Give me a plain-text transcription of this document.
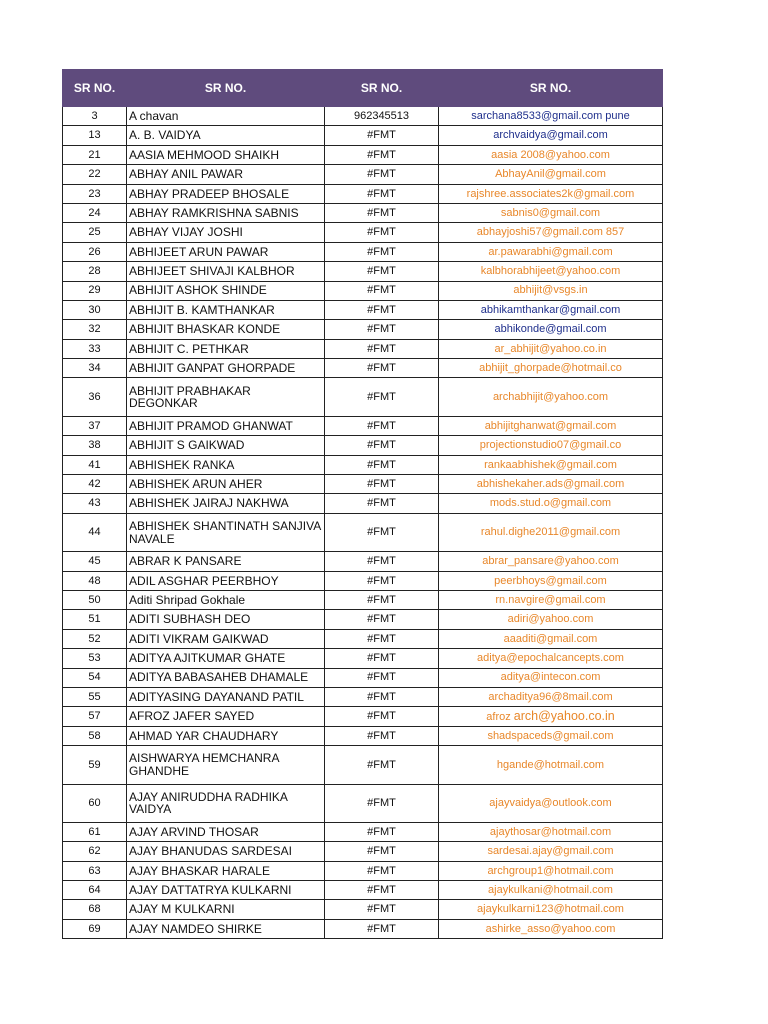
SR NO.	SR NO.	SR NO.	SR NO.
3	A chavan	962345513	sarchana8533@gmail.com pune
13	A. B. VAIDYA	#FMT	archvaidya@gmail.com
21	AASIA MEHMOOD SHAIKH	#FMT	aasia 2008@yahoo.com
22	ABHAY ANIL PAWAR	#FMT	AbhayAnil@gmail.com
23	ABHAY PRADEEP BHOSALE	#FMT	rajshree.associates2k@gmail.com
24	ABHAY RAMKRISHNA SABNIS	#FMT	sabnis0@gmail.com
25	ABHAY VIJAY JOSHI	#FMT	abhayjoshi57@gmail.com 857
26	ABHIJEET ARUN PAWAR	#FMT	ar.pawarabhi@gmail.com
28	ABHIJEET SHIVAJI KALBHOR	#FMT	kalbhorabhijeet@yahoo.com
29	ABHIJIT ASHOK SHINDE	#FMT	abhijit@vsgs.in
30	ABHIJIT B. KAMTHANKAR	#FMT	abhikamthankar@gmail.com
32	ABHIJIT BHASKAR KONDE	#FMT	abhikonde@gmail.com
33	ABHIJIT C. PETHKAR	#FMT	ar_abhijit@yahoo.co.in
34	ABHIJIT GANPAT GHORPADE	#FMT	abhijit_ghorpade@hotmail.co
36	ABHIJIT PRABHAKAR DEGONKAR	#FMT	archabhijit@yahoo.com
37	ABHIJIT PRAMOD GHANWAT	#FMT	abhijitghanwat@gmail.com
38	ABHIJIT S GAIKWAD	#FMT	projectionstudio07@gmail.co
41	ABHISHEK RANKA	#FMT	rankaabhishek@gmail.com
42	ABHISHEK ARUN AHER	#FMT	abhishekaher.ads@gmail.com
43	ABHISHEK JAIRAJ NAKHWA	#FMT	mods.stud.o@gmail.com
44	ABHISHEK SHANTINATH SANJIVA NAVALE	#FMT	rahul.dighe2011@gmail.com
45	ABRAR K PANSARE	#FMT	abrar_pansare@yahoo.com
48	ADIL ASGHAR PEERBHOY	#FMT	peerbhoys@gmail.com
50	Aditi Shripad Gokhale	#FMT	rn.navgire@gmail.com
51	ADITI SUBHASH DEO	#FMT	adiri@yahoo.com
52	ADITI VIKRAM GAIKWAD	#FMT	aaaditi@gmail.com
53	ADITYA AJITKUMAR GHATE	#FMT	aditya@epochalcancepts.com
54	ADITYA BABASAHEB DHAMALE	#FMT	aditya@intecon.com
55	ADITYASING DAYANAND PATIL	#FMT	archaditya96@8mail.com
57	AFROZ JAFER SAYED	#FMT	afroz arch@yahoo.co.in
58	AHMAD YAR CHAUDHARY	#FMT	shadspaceds@gmail.com
59	AISHWARYA HEMCHANRA GHANDHE	#FMT	hgande@hotmail.com
60	AJAY ANIRUDDHA RADHIKA VAIDYA	#FMT	ajayvaidya@outlook.com
61	AJAY ARVIND THOSAR	#FMT	ajaythosar@hotmail.com
62	AJAY BHANUDAS SARDESAI	#FMT	sardesai.ajay@gmail.com
63	AJAY BHASKAR HARALE	#FMT	archgroup1@hotmail.com
64	AJAY DATTATRYA KULKARNI	#FMT	ajaykulkani@hotmail.com
68	AJAY M KULKARNI	#FMT	ajaykulkarni123@hotmail.com
69	AJAY NAMDEO SHIRKE	#FMT	ashirke_asso@yahoo.com
